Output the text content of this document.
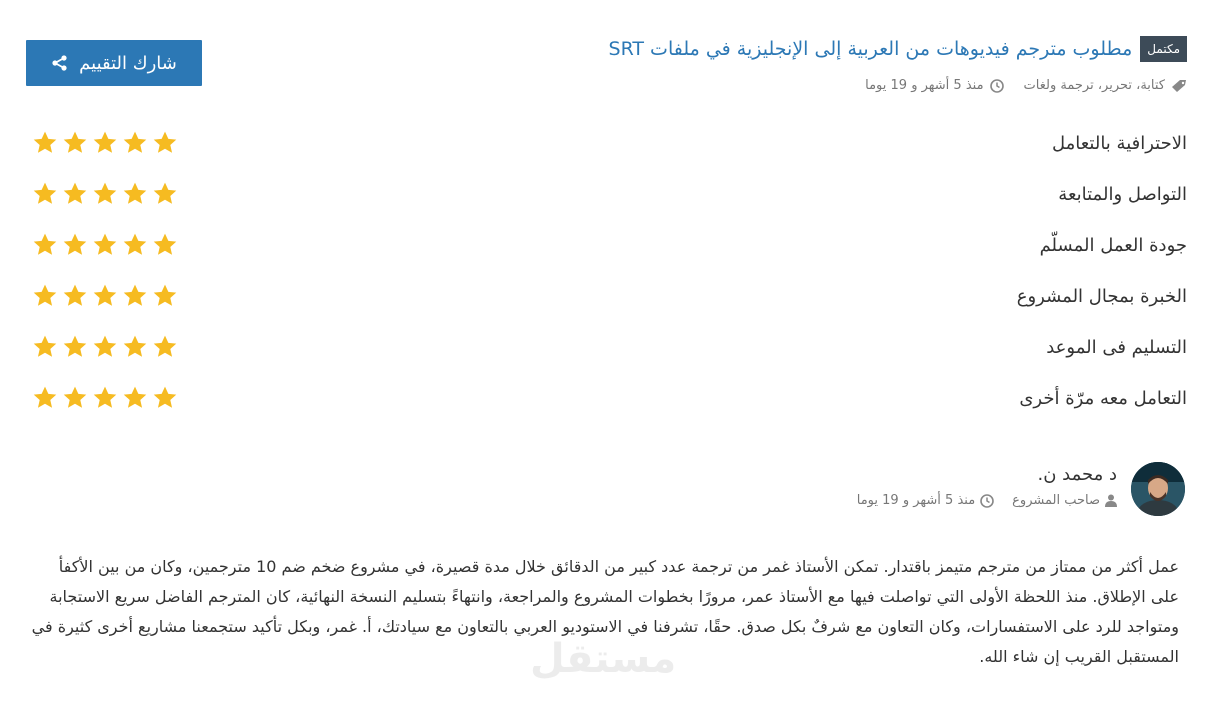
شارك التقييم
مكتمل
مطلوب مترجم فيديوهات من العربية إلى الإنجليزية في ملفات SRT
كتابة، تحرير، ترجمة ولغات
منذ 5 أشهر و 19 يوما
الاحترافية بالتعامل
التواصل والمتابعة
جودة العمل المسلّم
الخبرة بمجال المشروع
التسليم فى الموعد
التعامل معه مرّة أخرى
د محمد ن.
صاحب المشروع
منذ 5 أشهر و 19 يوما
عمل أكثر من ممتاز من مترجم متيمز باقتدار. تمكن الأستاذ غمر من ترجمة عدد كبير من الدقائق خلال مدة قصيرة، في مشروع ضخم ضم 10 مترجمين، وكان من بين الأكفأ على الإطلاق. منذ اللحظة الأولى التي تواصلت فيها مع الأستاذ عمر، مرورًا بخطوات المشروع والمراجعة، وانتهاءً بتسليم النسخة النهائية، كان المترجم الفاضل سريع الاستجابة ومتواجد للرد على الاستفسارات، وكان التعاون مع شرفٌ بكل صدق. حقًا، تشرفنا في الاستوديو العربي بالتعاون مع سيادتك، أ. غمر، وبكل تأكيد ستجمعنا مشاريع أخرى كثيرة في المستقبل القريب إن شاء الله.
مستقل
